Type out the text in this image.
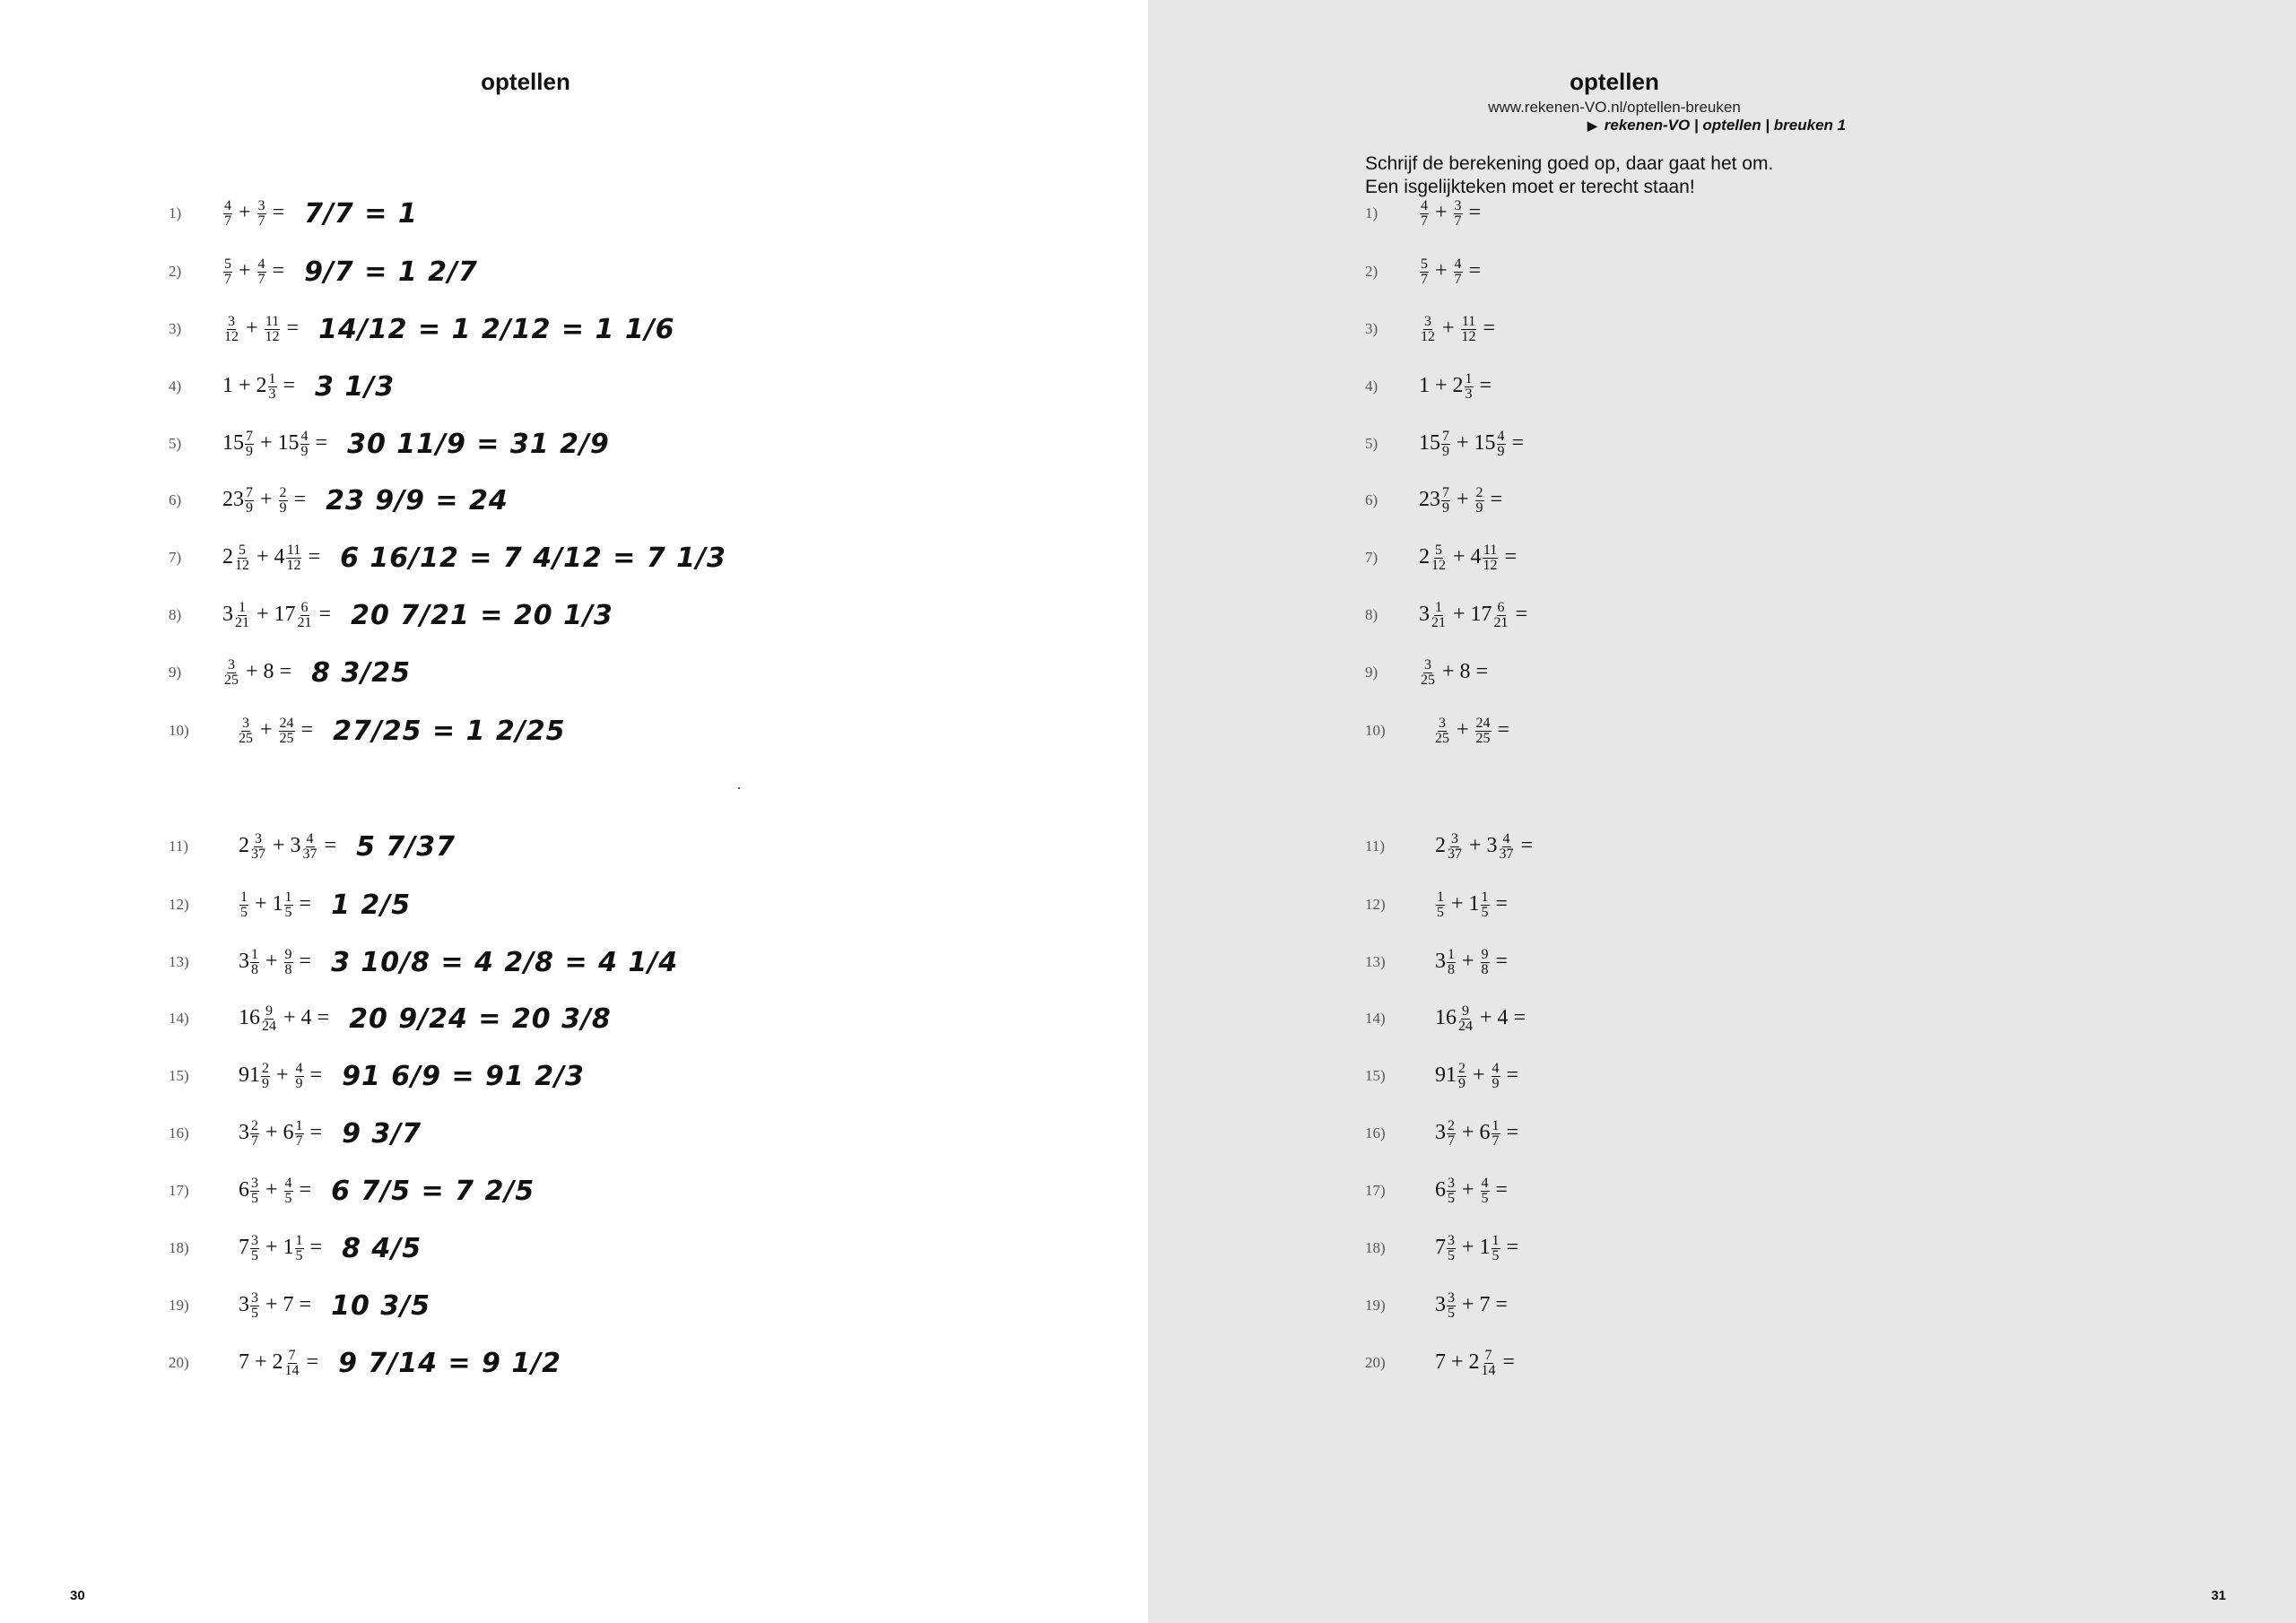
optellen
1)	$\frac{4}{7} + \frac{3}{7} = 7/7 = 1$
2)	$\frac{5}{7} + \frac{4}{7} = 9/7 = 1$ 2/7
3)	$\frac{3}{12} + \frac{11}{12} = 14/12 = 1$ 2/12 = 1 1/6
4)	$1 + 2 \frac{1}{3} = 3$ 1/3
5)	$15 \frac{7}{9} + 15 \frac{4}{9} = 30$ 11/9 = 31 2/9
6)	$23 \frac{7}{9} + \frac{2}{9} = 23$ 9/9 = 24
7)	$2 \frac{5}{12} + 4 \frac{11}{12} = 6$ 16/12 = 7 4/12 = 7 1/3
8)	$3 \frac{1}{21} + 17 \frac{6}{21} = 20$ 7/21 = 20 1/3
9)	$\frac{3}{25} + 8 = 8$ 3/25
10)	$\frac{3}{25} + \frac{24}{25} = 27/25 = 1$ 2/25
11)	$2 \frac{3}{37} + 3 \frac{4}{37} = 5$ 7/37
12)	$\frac{1}{5} + 1 \frac{1}{5} = 1$ 2/5
13)	$3 \frac{1}{8} + \frac{9}{8} = 3$ 10/8 = 4 2/8 = 4 1/4
14)	$16 \frac{9}{24} + 4 = 20$ 9/24 = 20 3/8
15)	$91 \frac{2}{9} + \frac{4}{9} = 91$ 6/9 = 91 2/3
16)	$3 \frac{2}{7} + 6 \frac{1}{7} = 9$ 3/7
17)	$6 \frac{3}{5} + \frac{4}{5} = 6$ 7/5 = 7 2/5
18)	$7 \frac{3}{5} + 1 \frac{1}{5} = 8$ 4/5
19)	$3 \frac{3}{5} + 7 = 10$ 3/5
20)	$7 + 2 \frac{7}{14} = 9$ 7/14 = 9 1/2
30
optellen
www.rekenen-VO.nl/optellen-breuken
▶ rekenen-VO | optellen | breuken 1
Schrijf de berekening goed op, daar gaat het om.
Een isgelijkteken moet er terecht staan!
1)	$\frac{4}{7} + \frac{3}{7}$ =
2)	$\frac{5}{7} + \frac{4}{7}$ =
3)	$\frac{3}{12} + \frac{11}{12}$ =
4)	$1 + 2 \frac{1}{3}$ =
5)	$15 \frac{7}{9} + 15 \frac{4}{9}$ =
6)	$23 \frac{7}{9} + \frac{2}{9}$ =
7)	$2 \frac{5}{12} + 4 \frac{11}{12}$ =
8)	$3 \frac{1}{21} + 17 \frac{6}{21}$ =
9)	$\frac{3}{25} + 8$ =
10)	$\frac{3}{25} + \frac{24}{25}$ =
11)	$2 \frac{3}{37} + 3 \frac{4}{37}$ =
12)	$\frac{1}{5} + 1 \frac{1}{5}$ =
13)	$3 \frac{1}{8} + \frac{9}{8}$ =
14)	$16 \frac{9}{24} + 4$ =
15)	$91 \frac{2}{9} + \frac{4}{9}$ =
16)	$3 \frac{2}{7} + 6 \frac{1}{7}$ =
17)	$6 \frac{3}{5} + \frac{4}{5}$ =
18)	$7 \frac{3}{5} + 1 \frac{1}{5}$ =
19)	$3 \frac{3}{5} + 7$ =
20)	$7 + 2 \frac{7}{14}$ =
31
